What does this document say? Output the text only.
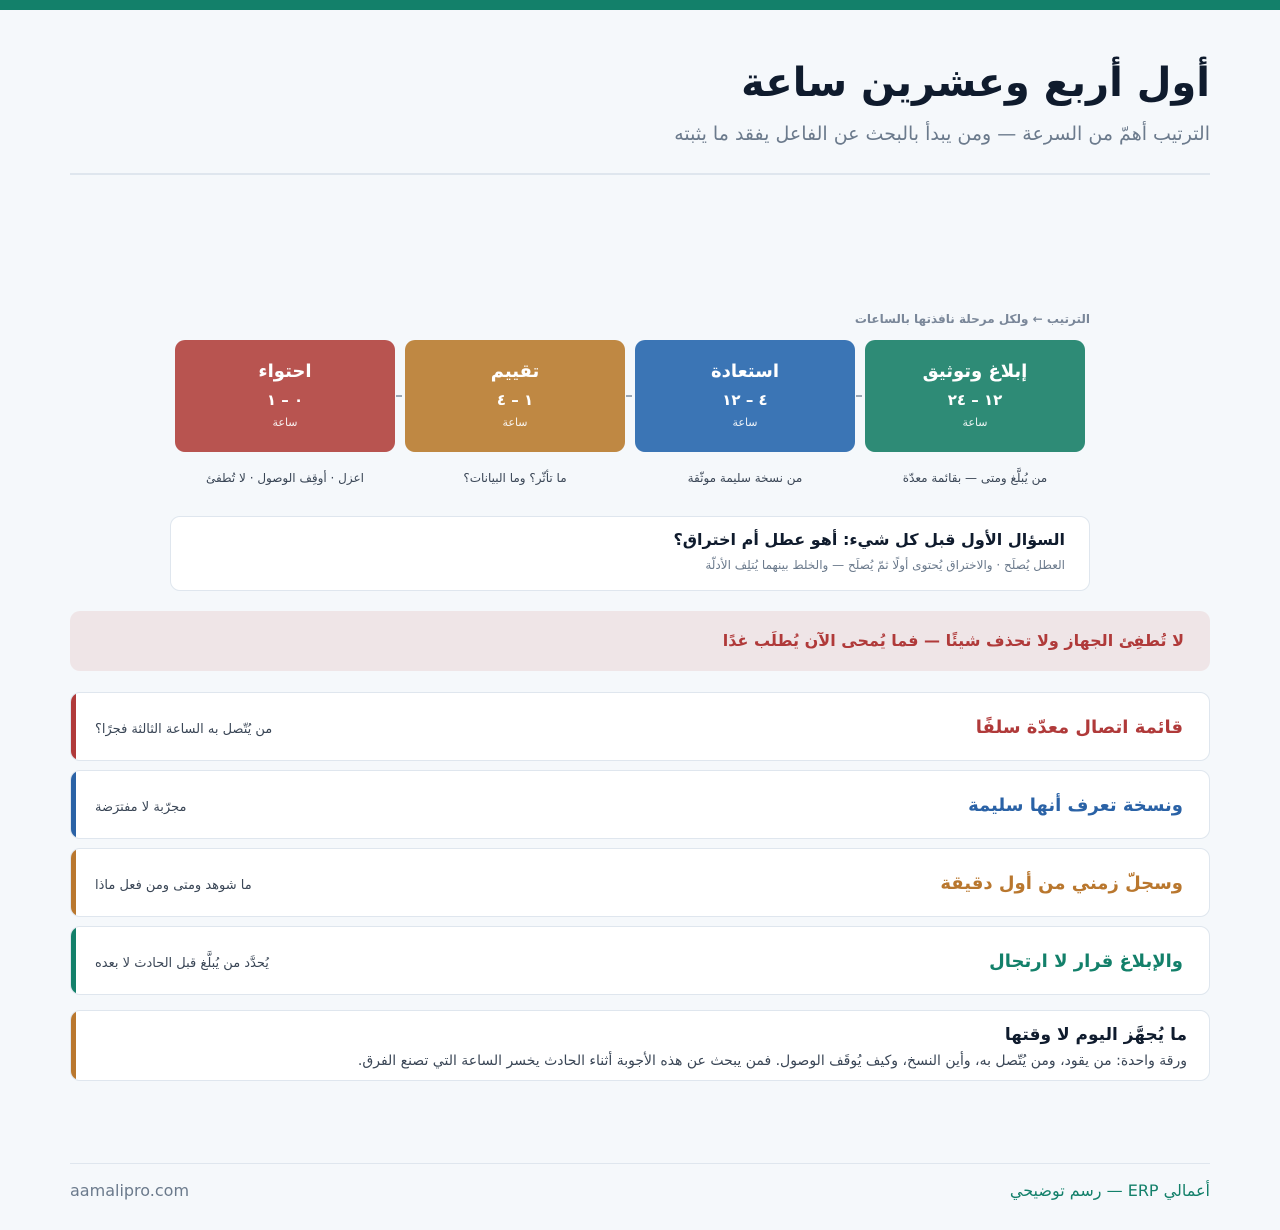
أول أربع وعشرين ساعة

الترتيب أهمّ من السرعة — ومن يبدأ بالبحث عن الفاعل يفقد ما يثبته

الترتيب ← ولكل مرحلة نافذتها بالساعات
احتواء
٠ – ١
ساعة
تقييم
١ – ٤
ساعة
استعادة
٤ – ١٢
ساعة
إبلاغ وتوثيق
١٢ – ٢٤
ساعة
اعزل · أوقِف الوصول · لا تُطفئ	ما تأثّر؟ وما البيانات؟	من نسخة سليمة موثّقة	من يُبلَّغ ومتى — بقائمة معدّة
السؤال الأول قبل كل شيء: أهو عطل أم اختراق؟
العطل يُصلَح · والاختراق يُحتوى أولًا ثمّ يُصلَح — والخلط بينهما يُتلِف الأدلّة
لا تُطفِئ الجهاز ولا تحذف شيئًا — فما يُمحى الآن يُطلَب غدًا
قائمة اتصال معدّة سلفًا
من يُتّصل به الساعة الثالثة فجرًا؟
ونسخة تعرف أنها سليمة
مجرّبة لا مفترَضة
وسجلّ زمني من أول دقيقة
ما شوهد ومتى ومن فعل ماذا
والإبلاغ قرار لا ارتجال
يُحدَّد من يُبلَّغ قبل الحادث لا بعده
ما يُجهَّز اليوم لا وقتها
ورقة واحدة: من يقود، ومن يُتّصل به، وأين النسخ، وكيف يُوقَف الوصول. فمن يبحث عن هذه الأجوبة أثناء الحادث يخسر الساعة التي تصنع الفرق.
أعمالي ERP — رسم توضيحي
aamalipro.com
